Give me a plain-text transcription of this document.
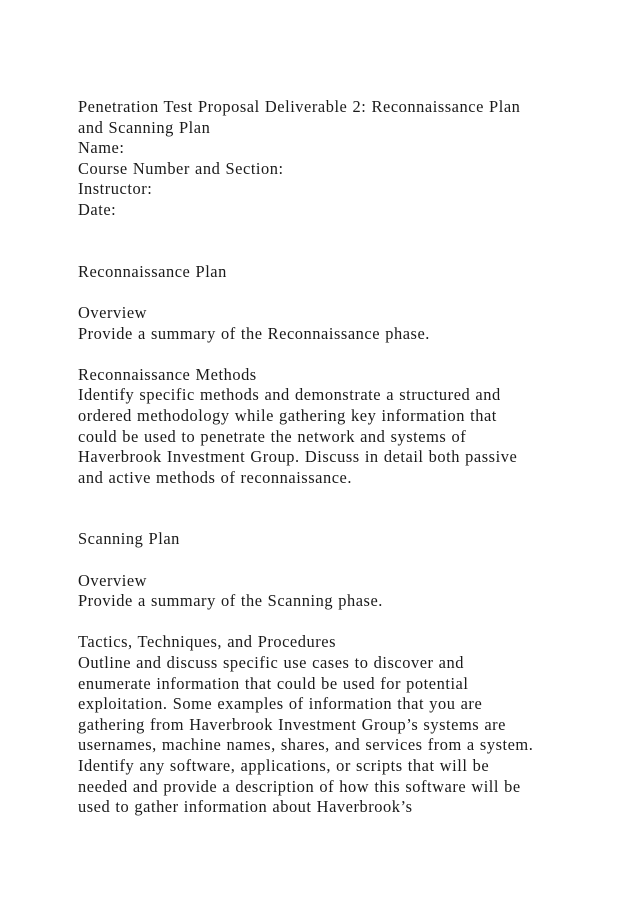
Penetration Test Proposal Deliverable 2: Reconnaissance Plan
and Scanning Plan
Name:
Course Number and Section:
Instructor:
Date:
Reconnaissance Plan
Overview
Provide a summary of the Reconnaissance phase.
Reconnaissance Methods
Identify specific methods and demonstrate a structured and
ordered methodology while gathering key information that
could be used to penetrate the network and systems of
Haverbrook Investment Group. Discuss in detail both passive
and active methods of reconnaissance.
Scanning Plan
Overview
Provide a summary of the Scanning phase.
Tactics, Techniques, and Procedures
Outline and discuss specific use cases to discover and
enumerate information that could be used for potential
exploitation. Some examples of information that you are
gathering from Haverbrook Investment Group’s systems are
usernames, machine names, shares, and services from a system.
Identify any software, applications, or scripts that will be
needed and provide a description of how this software will be
used to gather information about Haverbrook’s
